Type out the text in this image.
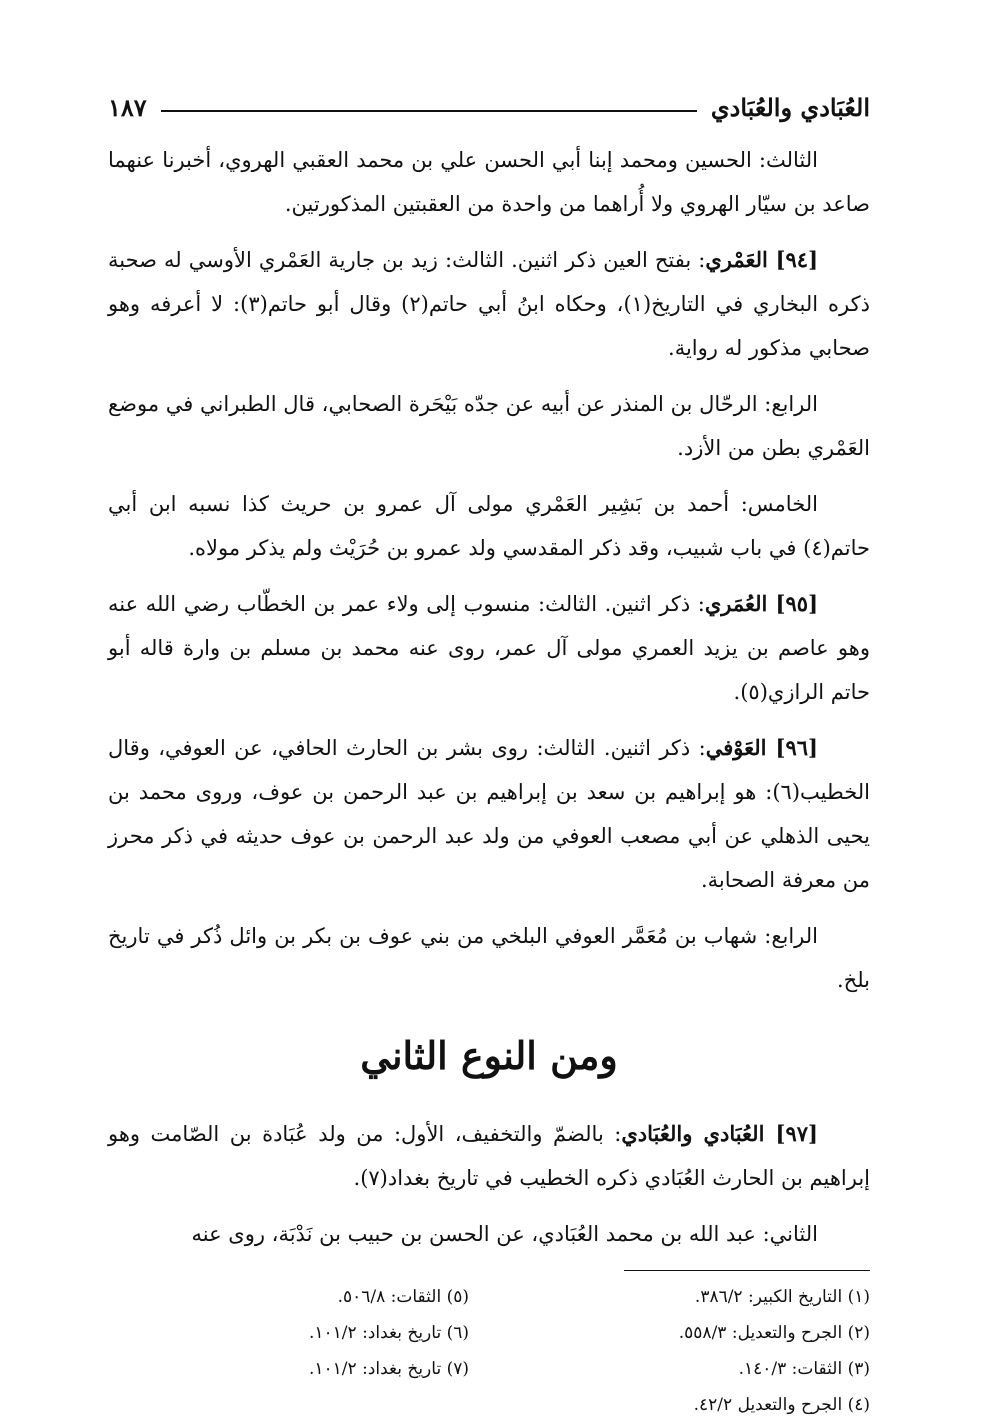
العُبَادي والعُبَادي
١٨٧

الثالث: الحسين ومحمد إبنا أبي الحسن علي بن محمد العقبي الهروي، أخبرنا عنهما صاعد بن سيّار الهروي ولا أُراهما من واحدة من العقبتين المذكورتين.

[٩٤] العَمْري: بفتح العين ذكر اثنين. الثالث: زيد بن جارية العَمْري الأوسي له صحبة ذكره البخاري في التاريخ(١)، وحكاه ابنُ أبي حاتم(٢) وقال أبو حاتم(٣): لا أعرفه وهو صحابي مذكور له رواية.

الرابع: الرحّال بن المنذر عن أبيه عن جدّه بَيْحَرة الصحابي، قال الطبراني في موضع العَمْري بطن من الأزد.

الخامس: أحمد بن بَشِير العَمْري مولى آل عمرو بن حريث كذا نسبه ابن أبي حاتم(٤) في باب شبيب، وقد ذكر المقدسي ولد عمرو بن حُرَيْث ولم يذكر مولاه.

[٩٥] العُمَري: ذكر اثنين. الثالث: منسوب إلى ولاء عمر بن الخطّاب رضي الله عنه وهو عاصم بن يزيد العمري مولى آل عمر، روى عنه محمد بن مسلم بن وارة قاله أبو حاتم الرازي(٥).

[٩٦] العَوْفي: ذكر اثنين. الثالث: روى بشر بن الحارث الحافي، عن العوفي، وقال الخطيب(٦): هو إبراهيم بن سعد بن إبراهيم بن عبد الرحمن بن عوف، وروى محمد بن يحيى الذهلي عن أبي مصعب العوفي من ولد عبد الرحمن بن عوف حديثه في ذكر محرز من معرفة الصحابة.

الرابع: شهاب بن مُعَمَّر العوفي البلخي من بني عوف بن بكر بن وائل ذُكر في تاريخ بلخ.

ومن النوع الثاني

[٩٧] العُبَادي والعُبَادي: بالضمّ والتخفيف، الأول: من ولد عُبَادة بن الصّامت وهو إبراهيم بن الحارث العُبَادي ذكره الخطيب في تاريخ بغداد(٧).

الثاني: عبد الله بن محمد العُبَادي، عن الحسن بن حبيب بن نَدْبَة، روى عنه

(١) التاريخ الكبير: ٣٨٦/٢.
(٢) الجرح والتعديل: ٥٥٨/٣.
(٣) الثقات: ١٤٠/٣.
(٤) الجرح والتعديل ٤٢/٢.
(٥) الثقات: ٥٠٦/٨.
(٦) تاريخ بغداد: ١٠١/٢.
(٧) تاريخ بغداد: ١٠١/٢.
